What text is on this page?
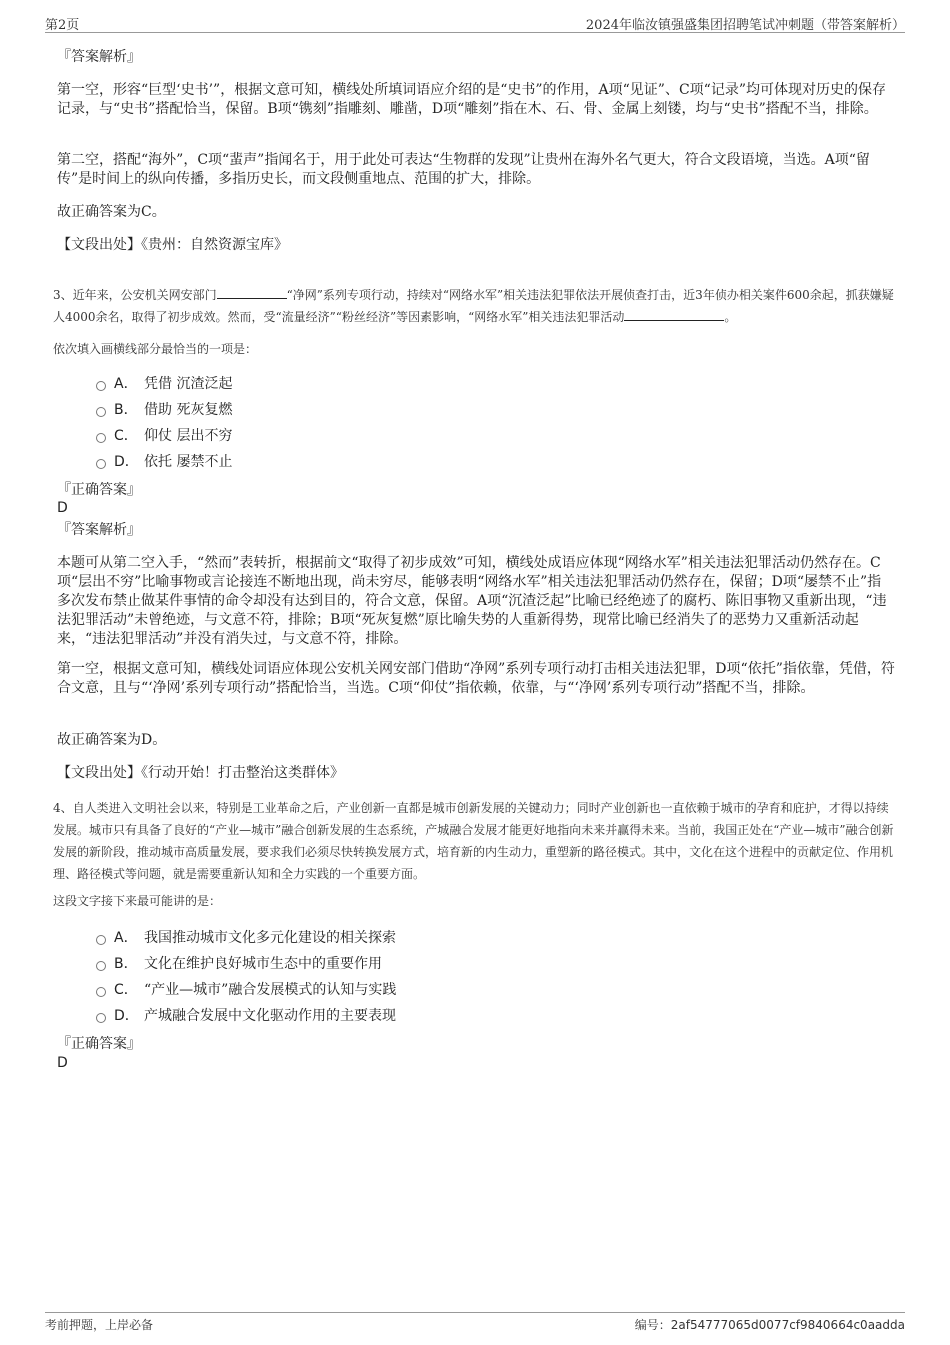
第2页	2024年临汝镇强盛集团招聘笔试冲刺题（带答案解析）

『答案解析』

第一空，形容“巨型‘史书’”，根据文意可知，横线处所填词语应介绍的是“史书”的作用，A项“见证”、C项“记录”均可体现对历史的保存记录，与“史书”搭配恰当，保留。B项“镌刻”指雕刻、雕凿，D项“雕刻”指在木、石、骨、金属上刻镂，均与“史书”搭配不当，排除。

第二空，搭配“海外”，C项“蜚声”指闻名于，用于此处可表达“生物群的发现”让贵州在海外名气更大，符合文段语境，当选。A项“留传”是时间上的纵向传播，多指历史长，而文段侧重地点、范围的扩大，排除。

故正确答案为C。

【文段出处】《贵州：自然资源宝库》

3、近年来，公安机关网安部门	“净网”系列专项行动，持续对“网络水军”相关违法犯罪依法开展侦查打击，近3年侦办相关案件600余起，抓获嫌疑人4000余名，取得了初步成效。然而，受“流量经济”“粉丝经济”等因素影响，“网络水军”相关违法犯罪活动	。

依次填入画横线部分最恰当的一项是：

A． 凭借 沉渣泛起
B． 借助 死灰复燃
C． 仰仗 层出不穷
D． 依托 屡禁不止

『正确答案』

D

『答案解析』

本题可从第二空入手，“然而”表转折，根据前文“取得了初步成效”可知，横线处成语应体现“网络水军”相关违法犯罪活动仍然存在。C项“层出不穷”比喻事物或言论接连不断地出现，尚未穷尽，能够表明“网络水军”相关违法犯罪活动仍然存在，保留；D项“屡禁不止”指多次发布禁止做某件事情的命令却没有达到目的，符合文意，保留。A项“沉渣泛起”比喻已经绝迹了的腐朽、陈旧事物又重新出现，“违法犯罪活动”未曾绝迹，与文意不符，排除；B项“死灰复燃”原比喻失势的人重新得势，现常比喻已经消失了的恶势力又重新活动起来，“违法犯罪活动”并没有消失过，与文意不符，排除。

第一空，根据文意可知，横线处词语应体现公安机关网安部门借助“净网”系列专项行动打击相关违法犯罪，D项“依托”指依靠，凭借，符合文意，且与“‘净网’系列专项行动”搭配恰当，当选。C项“仰仗”指依赖，依靠，与“‘净网’系列专项行动”搭配不当，排除。

故正确答案为D。

【文段出处】《行动开始！打击整治这类群体》

4、自人类进入文明社会以来，特别是工业革命之后，产业创新一直都是城市创新发展的关键动力；同时产业创新也一直依赖于城市的孕育和庇护，才得以持续发展。城市只有具备了良好的“产业—城市”融合创新发展的生态系统，产城融合发展才能更好地指向未来并赢得未来。当前，我国正处在“产业—城市”融合创新发展的新阶段，推动城市高质量发展，要求我们必须尽快转换发展方式，培育新的内生动力，重塑新的路径模式。其中，文化在这个进程中的贡献定位、作用机理、路径模式等问题，就是需要重新认知和全力实践的一个重要方面。

这段文字接下来最可能讲的是：

A． 我国推动城市文化多元化建设的相关探索
B． 文化在维护良好城市生态中的重要作用
C． “产业—城市”融合发展模式的认知与实践
D． 产城融合发展中文化驱动作用的主要表现

『正确答案』

D

考前押题，上岸必备	编号：2af54777065d0077cf9840664c0aadda
